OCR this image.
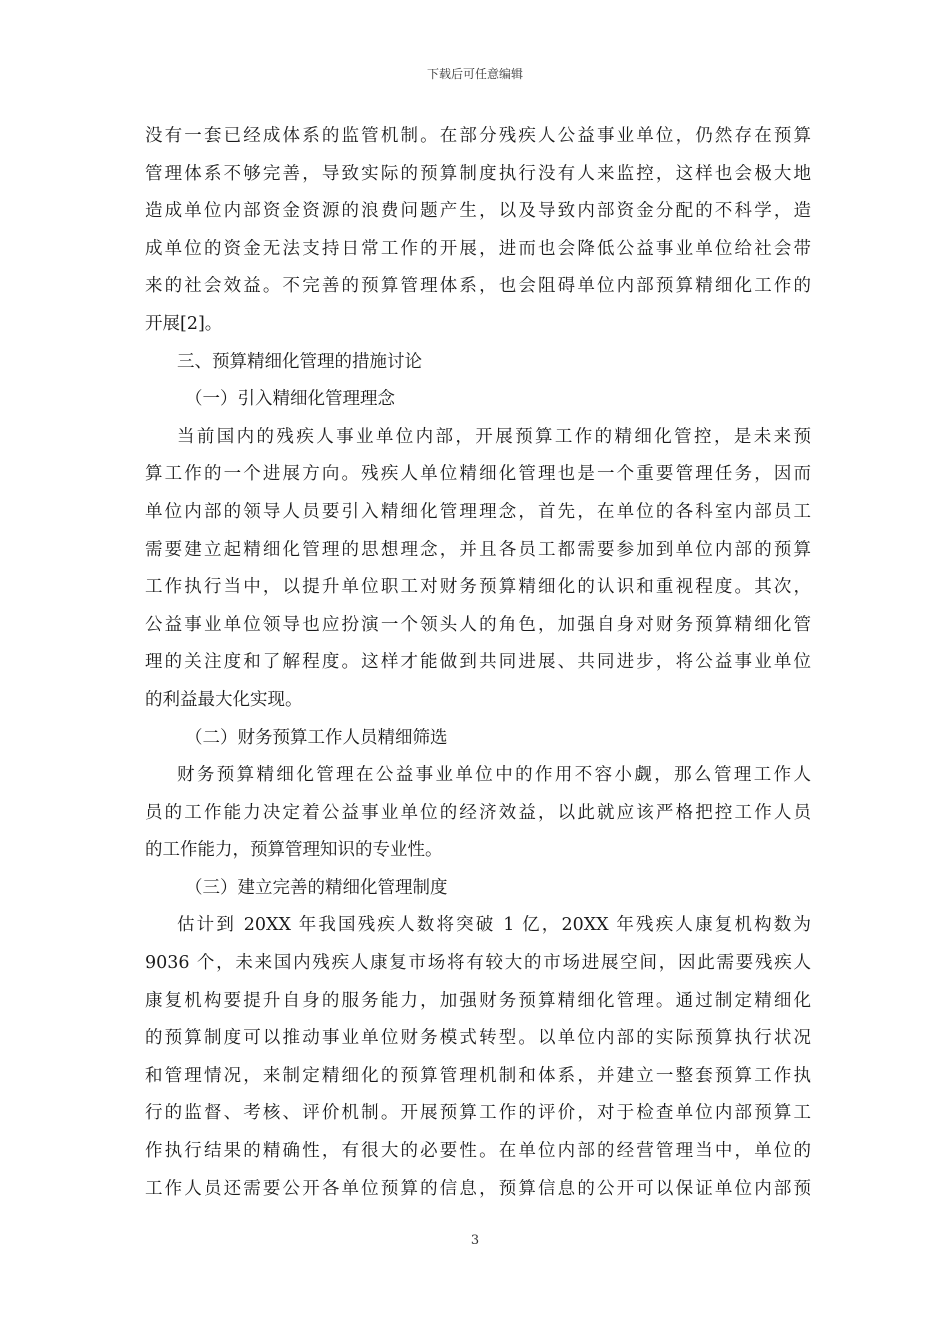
下载后可任意编辑
没有一套已经成体系的监管机制。在部分残疾人公益事业单位，仍然存在预算
管理体系不够完善，导致实际的预算制度执行没有人来监控，这样也会极大地
造成单位内部资金资源的浪费问题产生，以及导致内部资金分配的不科学，造
成单位的资金无法支持日常工作的开展，进而也会降低公益事业单位给社会带
来的社会效益。不完善的预算管理体系，也会阻碍单位内部预算精细化工作的
开展[2]。
三、预算精细化管理的措施讨论
（一）引入精细化管理理念
当前国内的残疾人事业单位内部，开展预算工作的精细化管控，是未来预
算工作的一个进展方向。残疾人单位精细化管理也是一个重要管理任务，因而
单位内部的领导人员要引入精细化管理理念，首先，在单位的各科室内部员工
需要建立起精细化管理的思想理念，并且各员工都需要参加到单位内部的预算
工作执行当中，以提升单位职工对财务预算精细化的认识和重视程度。其次，
公益事业单位领导也应扮演一个领头人的角色，加强自身对财务预算精细化管
理的关注度和了解程度。这样才能做到共同进展、共同进步，将公益事业单位
的利益最大化实现。
（二）财务预算工作人员精细筛选
财务预算精细化管理在公益事业单位中的作用不容小觑，那么管理工作人
员的工作能力决定着公益事业单位的经济效益，以此就应该严格把控工作人员
的工作能力，预算管理知识的专业性。
（三）建立完善的精细化管理制度
估计到 20XX 年我国残疾人数将突破 1 亿，20XX 年残疾人康复机构数为
9036 个，未来国内残疾人康复市场将有较大的市场进展空间，因此需要残疾人
康复机构要提升自身的服务能力，加强财务预算精细化管理。通过制定精细化
的预算制度可以推动事业单位财务模式转型。以单位内部的实际预算执行状况
和管理情况，来制定精细化的预算管理机制和体系，并建立一整套预算工作执
行的监督、考核、评价机制。开展预算工作的评价，对于检查单位内部预算工
作执行结果的精确性，有很大的必要性。在单位内部的经营管理当中，单位的
工作人员还需要公开各单位预算的信息，预算信息的公开可以保证单位内部预
3
